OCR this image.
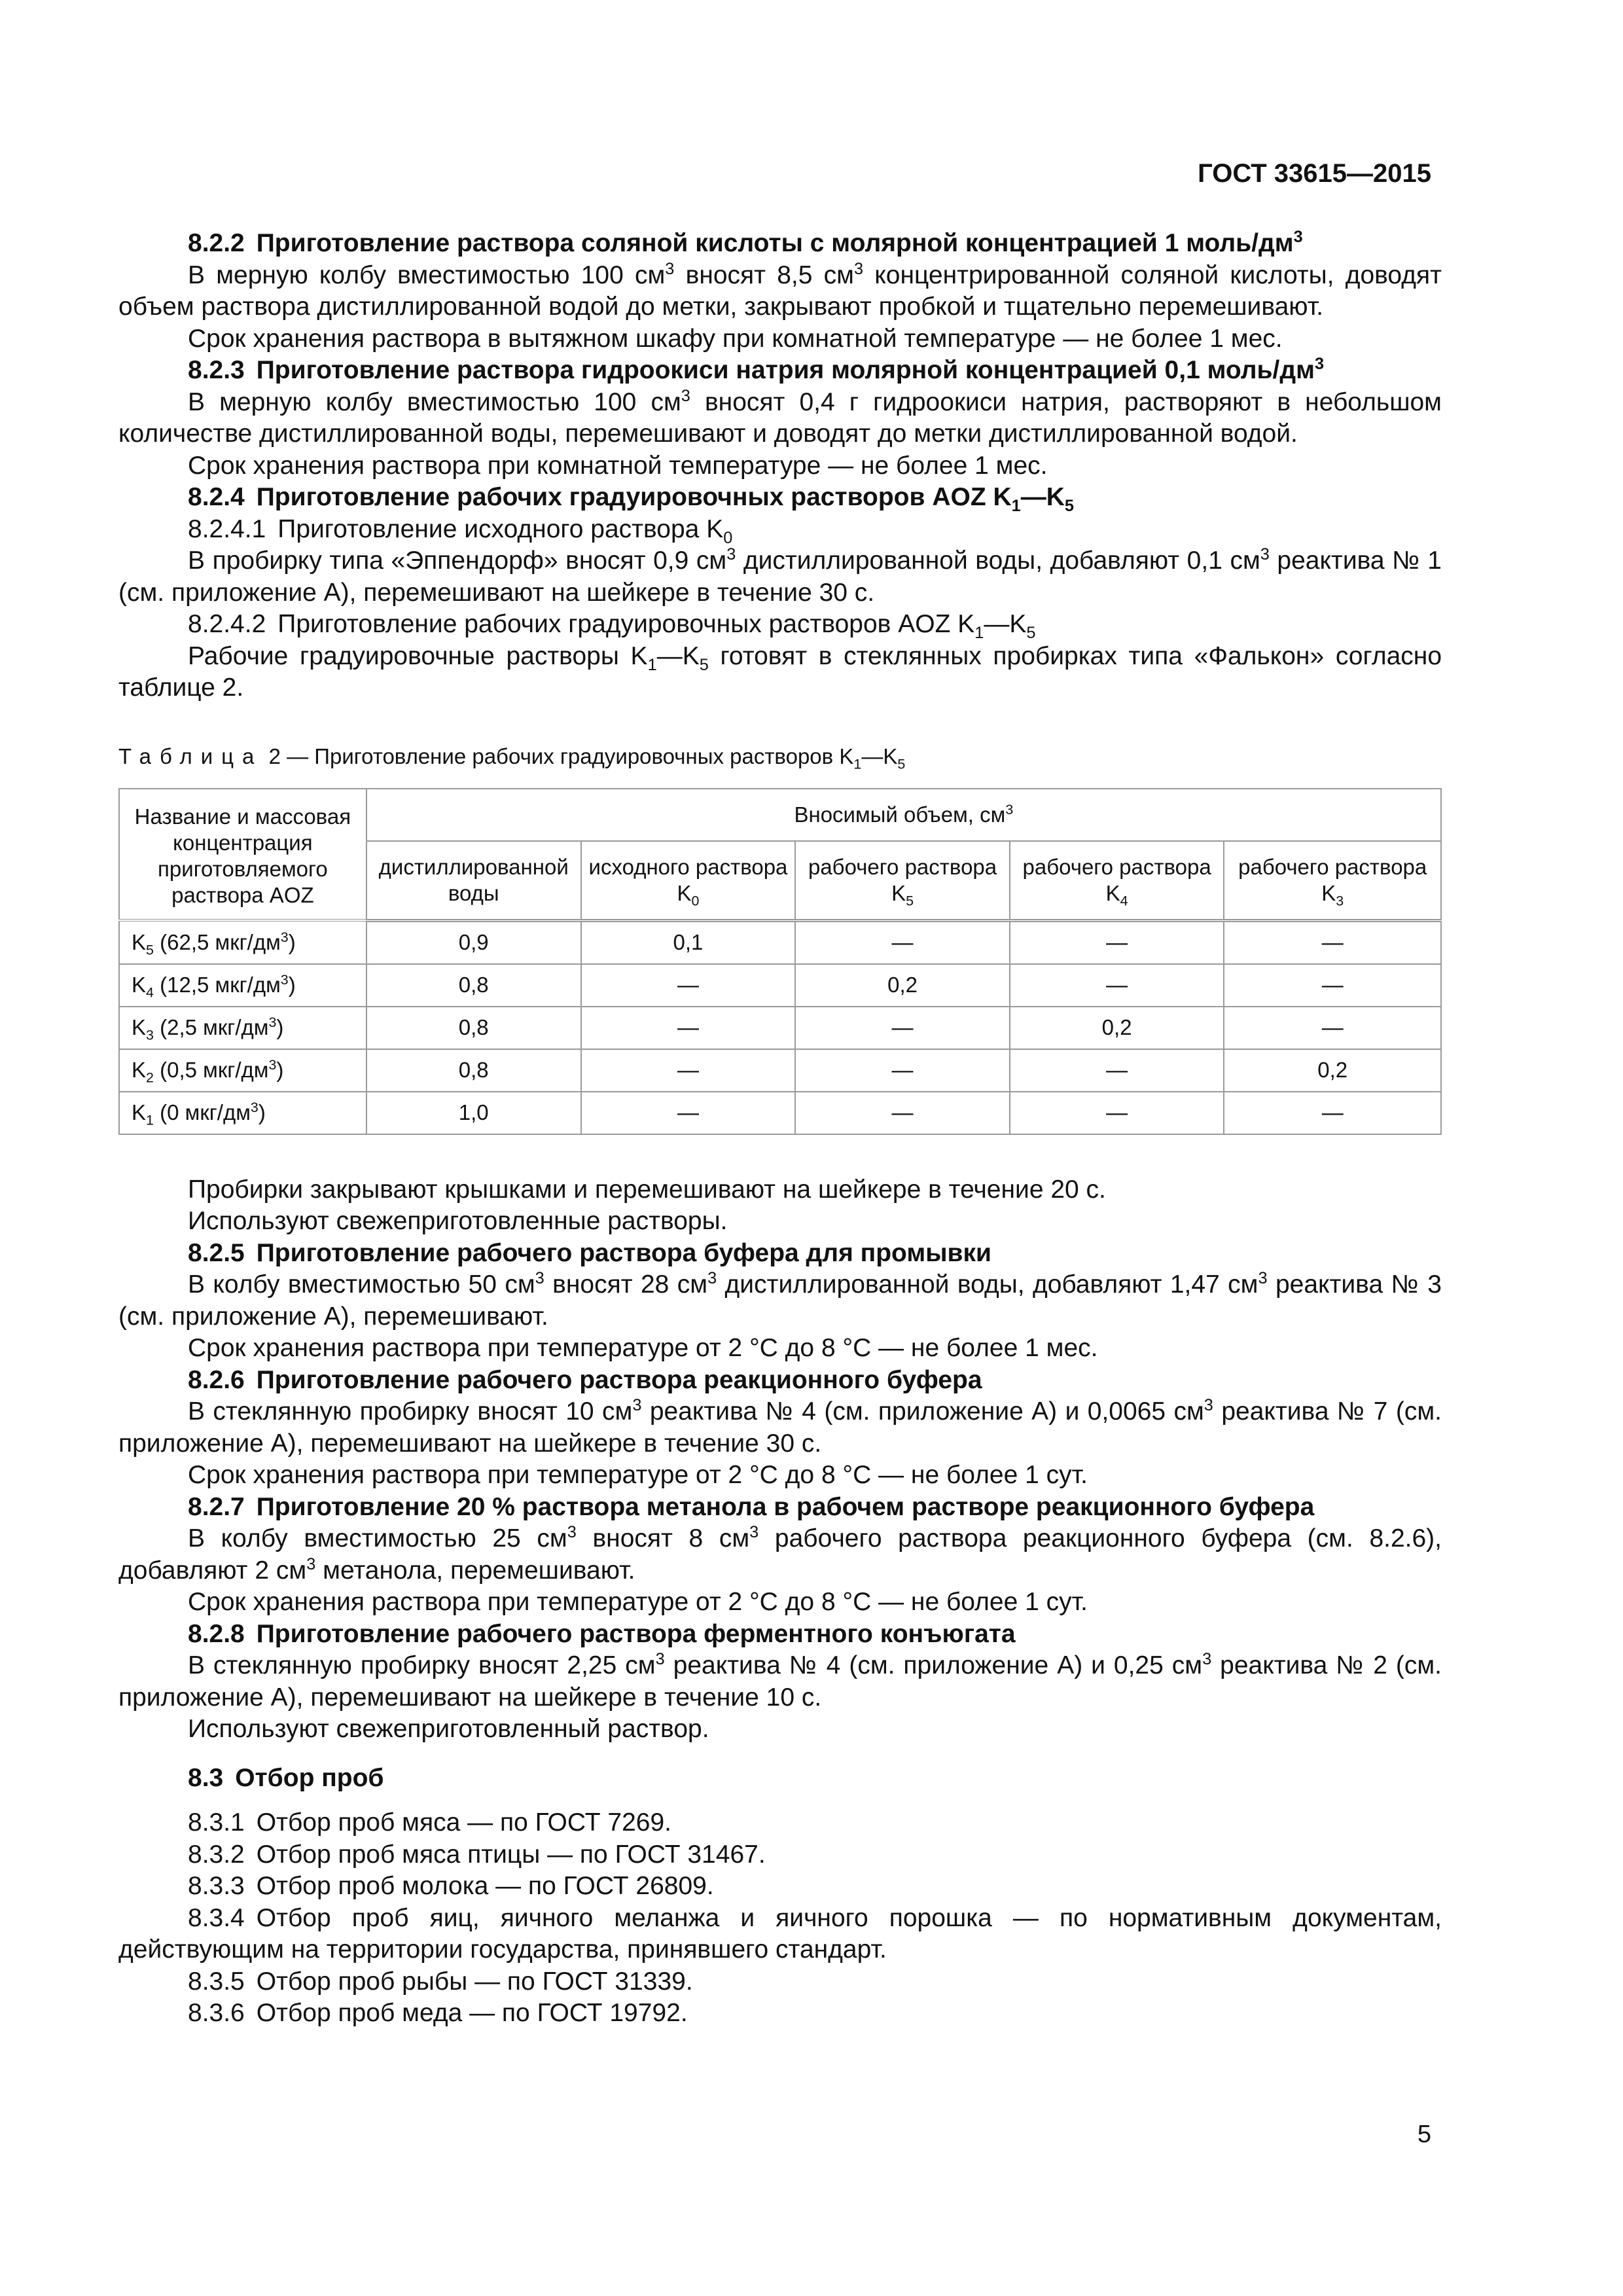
ГОСТ 33615—2015

8.2.2 Приготовление раствора соляной кислоты с молярной концентрацией 1 моль/$дм^3$

В мерную колбу вместимостью 100 $см^3$ вносят 8,5 $см^3$ концентрированной соляной кислоты, доводят объем раствора дистиллированной водой до метки, закрывают пробкой и тщательно перемешивают.

Срок хранения раствора в вытяжном шкафу при комнатной температуре — не более 1 мес.

8.2.3 Приготовление раствора гидроокиси натрия молярной концентрацией 0,1 моль/$дм^3$

В мерную колбу вместимостью 100 $см^3$ вносят 0,4 г гидроокиси натрия, растворяют в небольшом количестве дистиллированной воды, перемешивают и доводят до метки дистиллированной водой.

Срок хранения раствора при комнатной температуре — не более 1 мес.

8.2.4 Приготовление рабочих градуировочных растворов AOZ $K_1—K_5$

8.2.4.1 Приготовление исходного раствора $K_0$

В пробирку типа «Эппендорф» вносят 0,9 $см^3$ дистиллированной воды, добавляют 0,1 $см^3$ реактива № 1 (см. приложение А), перемешивают на шейкере в течение 30 с.

8.2.4.2 Приготовление рабочих градуировочных растворов AOZ $K_1—K_5$

Рабочие градуировочные растворы $K_1—K_5$ готовят в стеклянных пробирках типа «Фалькон» согласно таблице 2.

Таблица 2 — Приготовление рабочих градуировочных растворов $K_1—K_5$
Название и массовая концентрация приготовляемого раствора AOZ	Вносимый объем, $см^3$
	дистиллированной воды	исходного раствора $K_0$	рабочего раствора $K_5$	рабочего раствора $K_4$	рабочего раствора $K_3$
$K_5$ (62,5 мкг/$дм^3$)	0,9	0,1	—	—	—
$K_4$ (12,5 мкг/$дм^3$)	0,8	—	0,2	—	—
$K_3$ (2,5 мкг/$дм^3$)	0,8	—	—	0,2	—
$K_2$ (0,5 мкг/$дм^3$)	0,8	—	—	—	0,2
$K_1$ (0 мкг/$дм^3$)	1,0	—	—	—	—

Пробирки закрывают крышками и перемешивают на шейкере в течение 20 с.

Используют свежеприготовленные растворы.

8.2.5 Приготовление рабочего раствора буфера для промывки

В колбу вместимостью 50 $см^3$ вносят 28 $см^3$ дистиллированной воды, добавляют 1,47 $см^3$ реактива № 3 (см. приложение А), перемешивают.

Срок хранения раствора при температуре от 2 °С до 8 °С — не более 1 мес.

8.2.6 Приготовление рабочего раствора реакционного буфера

В стеклянную пробирку вносят 10 $см^3$ реактива № 4 (см. приложение А) и 0,0065 $см^3$ реактива № 7 (см. приложение А), перемешивают на шейкере в течение 30 с.

Срок хранения раствора при температуре от 2 °С до 8 °С — не более 1 сут.

8.2.7 Приготовление 20 % раствора метанола в рабочем растворе реакционного буфера

В колбу вместимостью 25 $см^3$ вносят 8 $см^3$ рабочего раствора реакционного буфера (см. 8.2.6), добавляют 2 $см^3$ метанола, перемешивают.

Срок хранения раствора при температуре от 2 °С до 8 °С — не более 1 сут.

8.2.8 Приготовление рабочего раствора ферментного конъюгата

В стеклянную пробирку вносят 2,25 $см^3$ реактива № 4 (см. приложение А) и 0,25 $см^3$ реактива № 2 (см. приложение А), перемешивают на шейкере в течение 10 с.

Используют свежеприготовленный раствор.

8.3 Отбор проб

8.3.1 Отбор проб мяса — по ГОСТ 7269.

8.3.2 Отбор проб мяса птицы — по ГОСТ 31467.

8.3.3 Отбор проб молока — по ГОСТ 26809.

8.3.4 Отбор проб яиц, яичного меланжа и яичного порошка — по нормативным документам, действующим на территории государства, принявшего стандарт.

8.3.5 Отбор проб рыбы — по ГОСТ 31339.

8.3.6 Отбор проб меда — по ГОСТ 19792.

5
